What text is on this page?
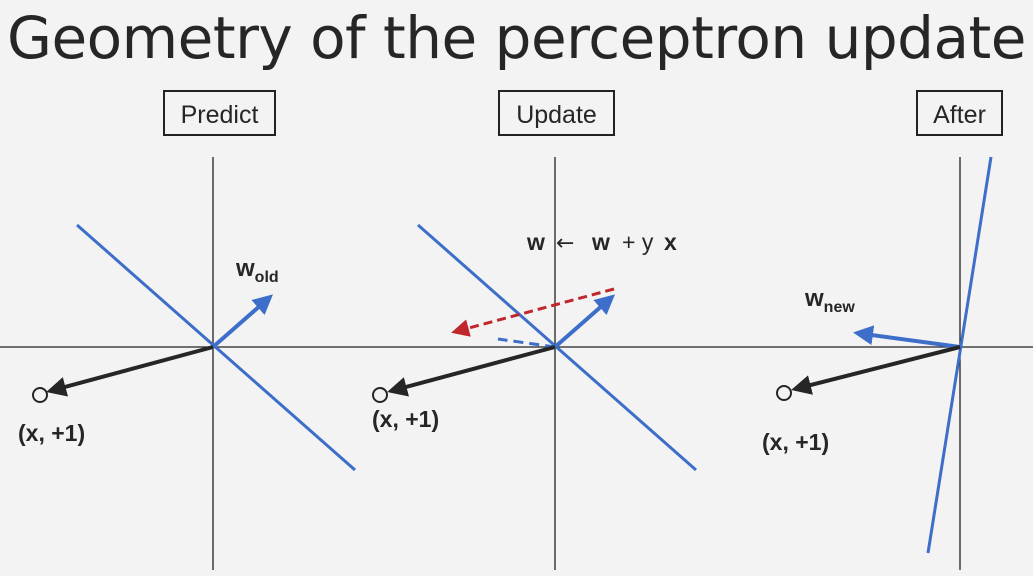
Geometry of the perceptron update
Predict	Update	After
(x, +1)
$w_{old}$
(x, +1)
w ← w + y x
(x, +1)
$w_{new}$
